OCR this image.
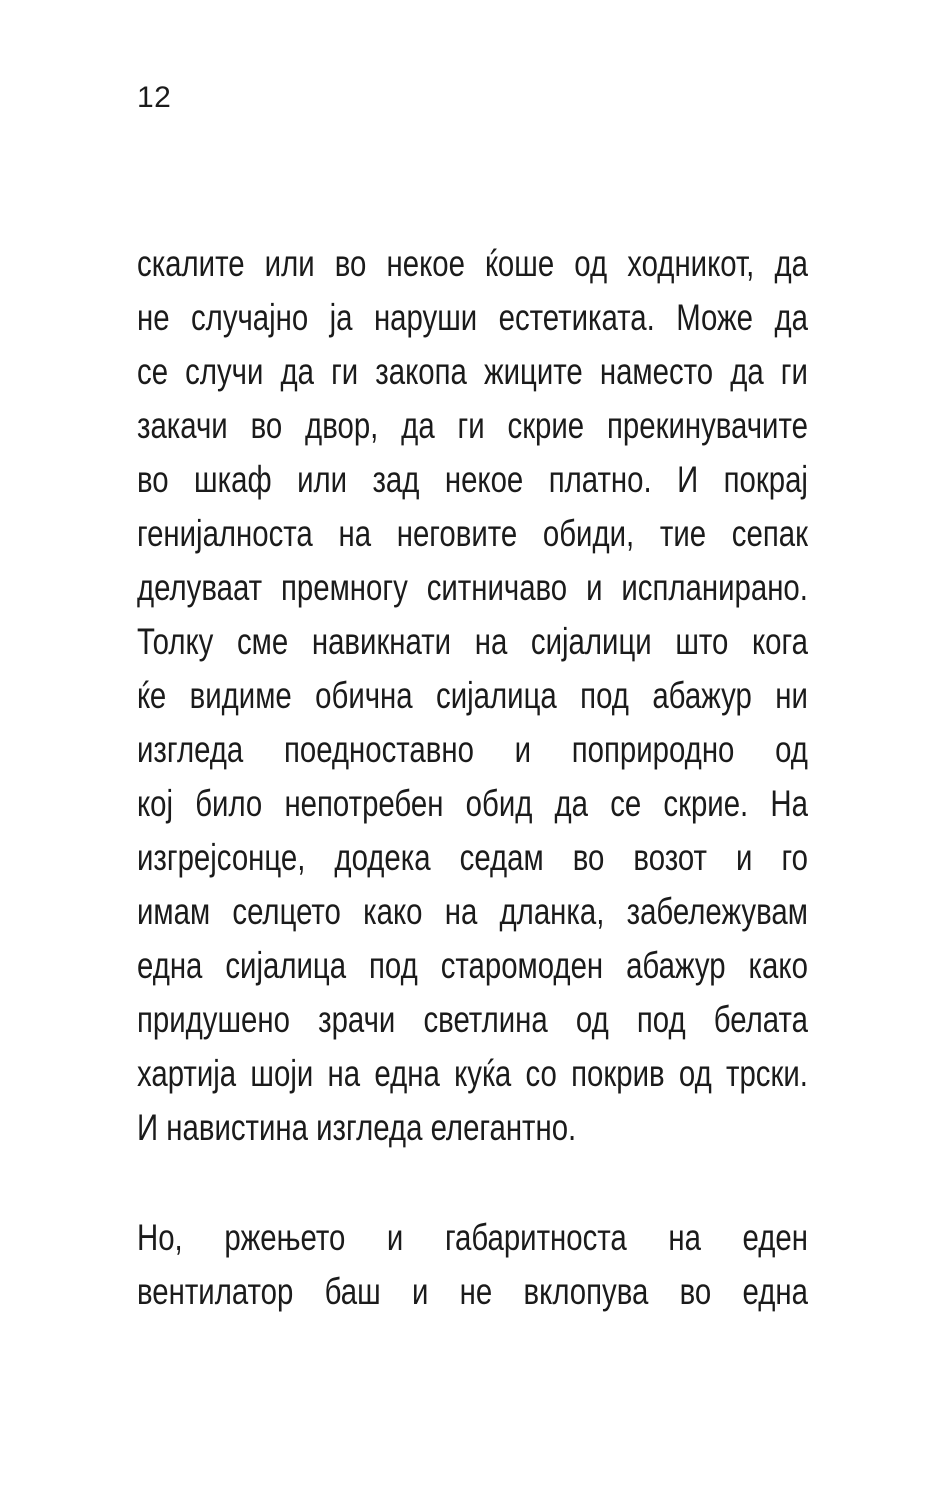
12
скалите или во некое ќоше од ходникот, да
не случајно ја наруши естетиката. Може да
се случи да ги закопа жиците наместо да ги
закачи во двор, да ги скрие прекинувачите
во шкаф или зад некое платно. И покрај
генијалноста на неговите обиди, тие сепак
делуваат премногу ситничаво и испланирано.
Толку сме навикнати на сијалици што кога
ќе видиме обична сијалица под абажур ни
изгледа поедноставно и поприродно од
кој било непотребен обид да се скрие. На
изгрејсонце, додека седам во возот и го
имам селцето како на дланка, забележувам
една сијалица под старомоден абажур како
придушено зрачи светлина од под белата
хартија шоји на една куќа со покрив од трски.
И навистина изгледа елегантно.
Но, ржењето и габаритноста на еден
вентилатор баш и не вклопува во една
